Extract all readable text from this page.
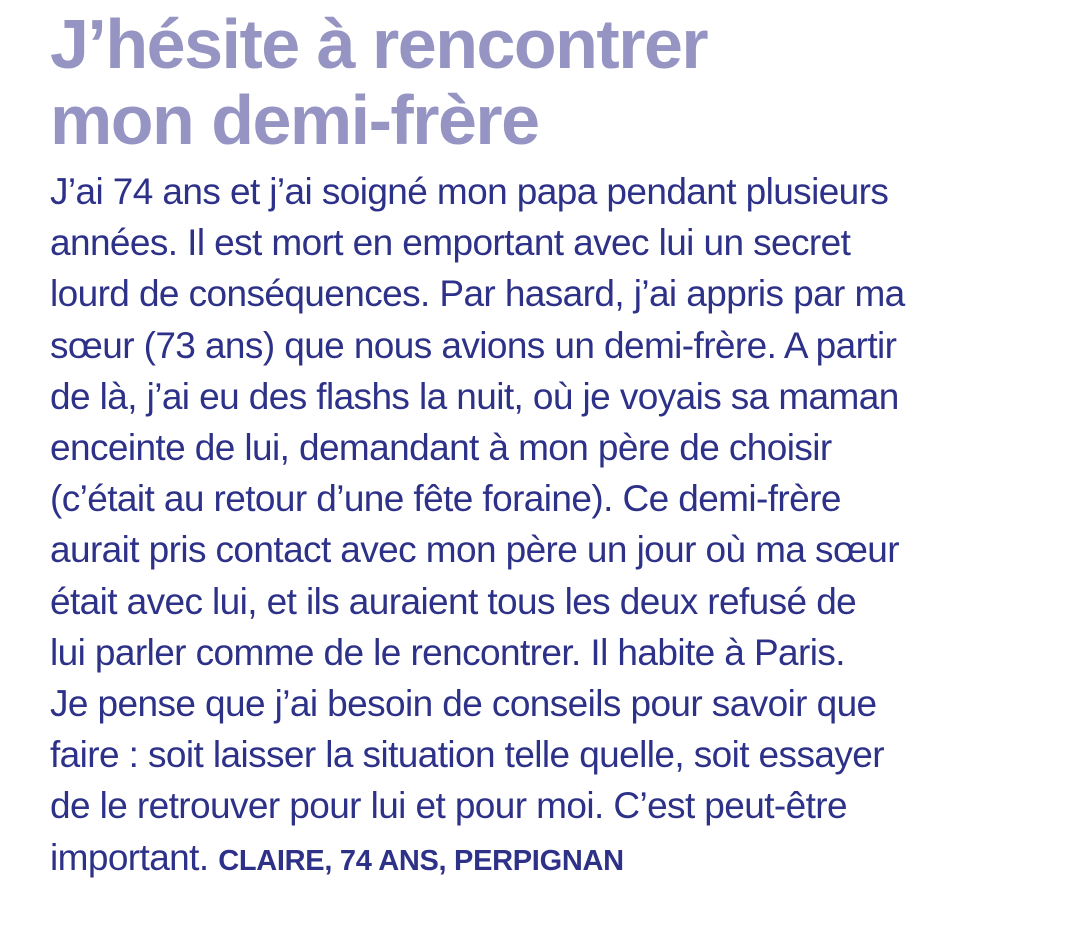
J’hésite à rencontrer
mon demi-frère
J’ai 74 ans et j’ai soigné mon papa pendant plusieurs
années. Il est mort en emportant avec lui un secret
lourd de conséquences. Par hasard, j’ai appris par ma
sœur (73 ans) que nous avions un demi-frère. A partir
de là, j’ai eu des flashs la nuit, où je voyais sa maman
enceinte de lui, demandant à mon père de choisir
(c’était au retour d’une fête foraine). Ce demi-frère
aurait pris contact avec mon père un jour où ma sœur
était avec lui, et ils auraient tous les deux refusé de
lui parler comme de le rencontrer. Il habite à Paris.
Je pense que j’ai besoin de conseils pour savoir que
faire : soit laisser la situation telle quelle, soit essayer
de le retrouver pour lui et pour moi. C’est peut-être
important. CLAIRE, 74 ANS, PERPIGNAN
